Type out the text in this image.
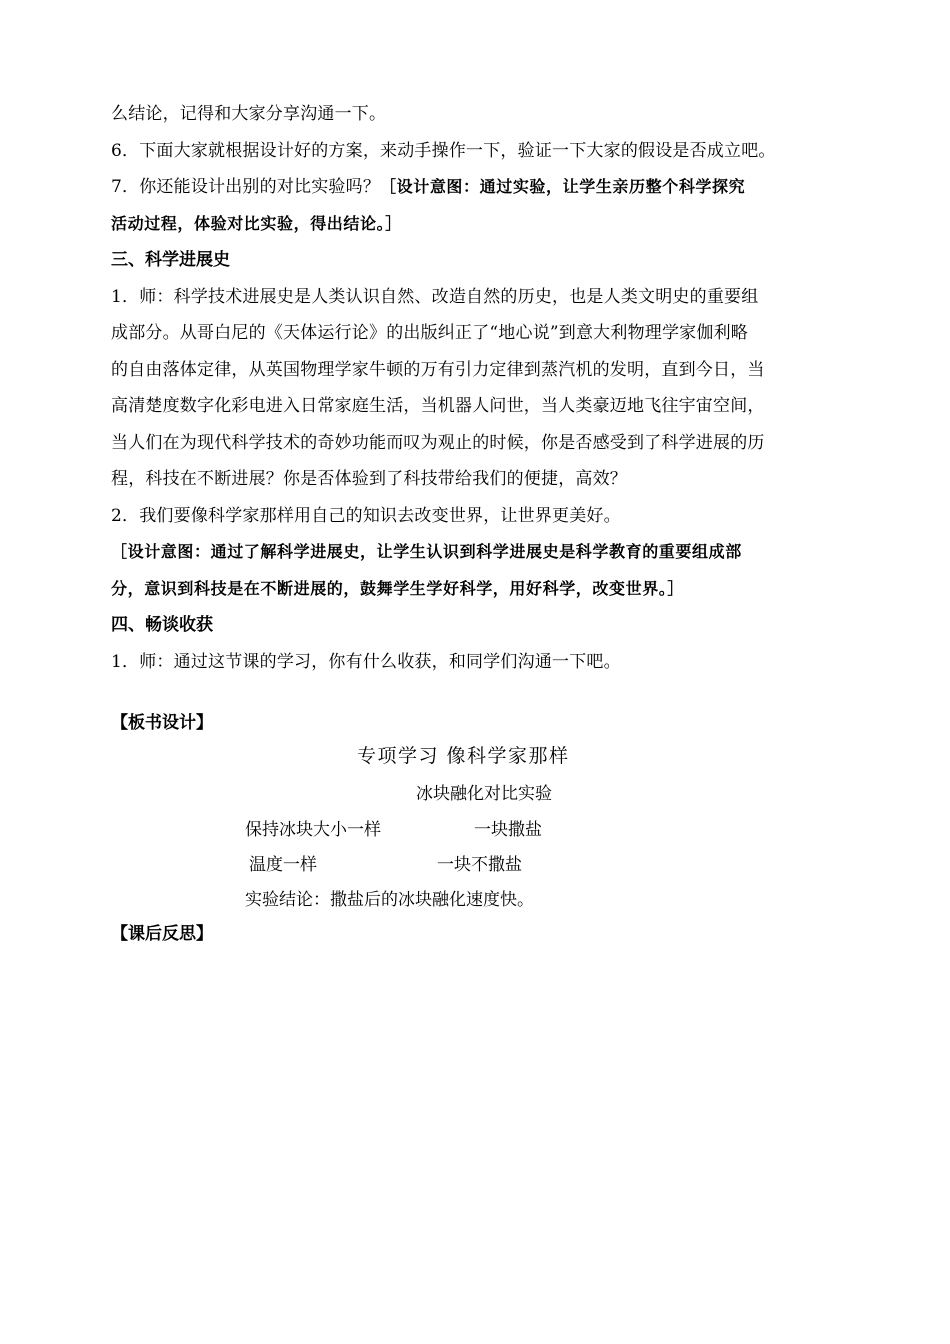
么结论，记得和大家分享沟通一下。
6．下面大家就根据设计好的方案，来动手操作一下，验证一下大家的假设是否成立吧。
7．你还能设计出别的对比实验吗？［设计意图：通过实验，让学生亲历整个科学探究
活动过程，体验对比实验，得出结论。］
三、科学进展史
1．师：科学技术进展史是人类认识自然、改造自然的历史，也是人类文明史的重要组
成部分。从哥白尼的《天体运行论》的出版纠正了“地心说”到意大利物理学家伽利略
的自由落体定律，从英国物理学家牛顿的万有引力定律到蒸汽机的发明，直到今日，当
高清楚度数字化彩电进入日常家庭生活，当机器人问世，当人类豪迈地飞往宇宙空间，
当人们在为现代科学技术的奇妙功能而叹为观止的时候，你是否感受到了科学进展的历
程，科技在不断进展？你是否体验到了科技带给我们的便捷，高效？
2．我们要像科学家那样用自己的知识去改变世界，让世界更美好。
［设计意图：通过了解科学进展史，让学生认识到科学进展史是科学教育的重要组成部
分，意识到科技是在不断进展的，鼓舞学生学好科学，用好科学，改变世界。］
四、畅谈收获
1．师：通过这节课的学习，你有什么收获，和同学们沟通一下吧。
【板书设计】
专项学习 像科学家那样
冰块融化对比实验
保持冰块大小一样	一块撒盐
温度一样	一块不撒盐
实验结论：撒盐后的冰块融化速度快。
【课后反思】
